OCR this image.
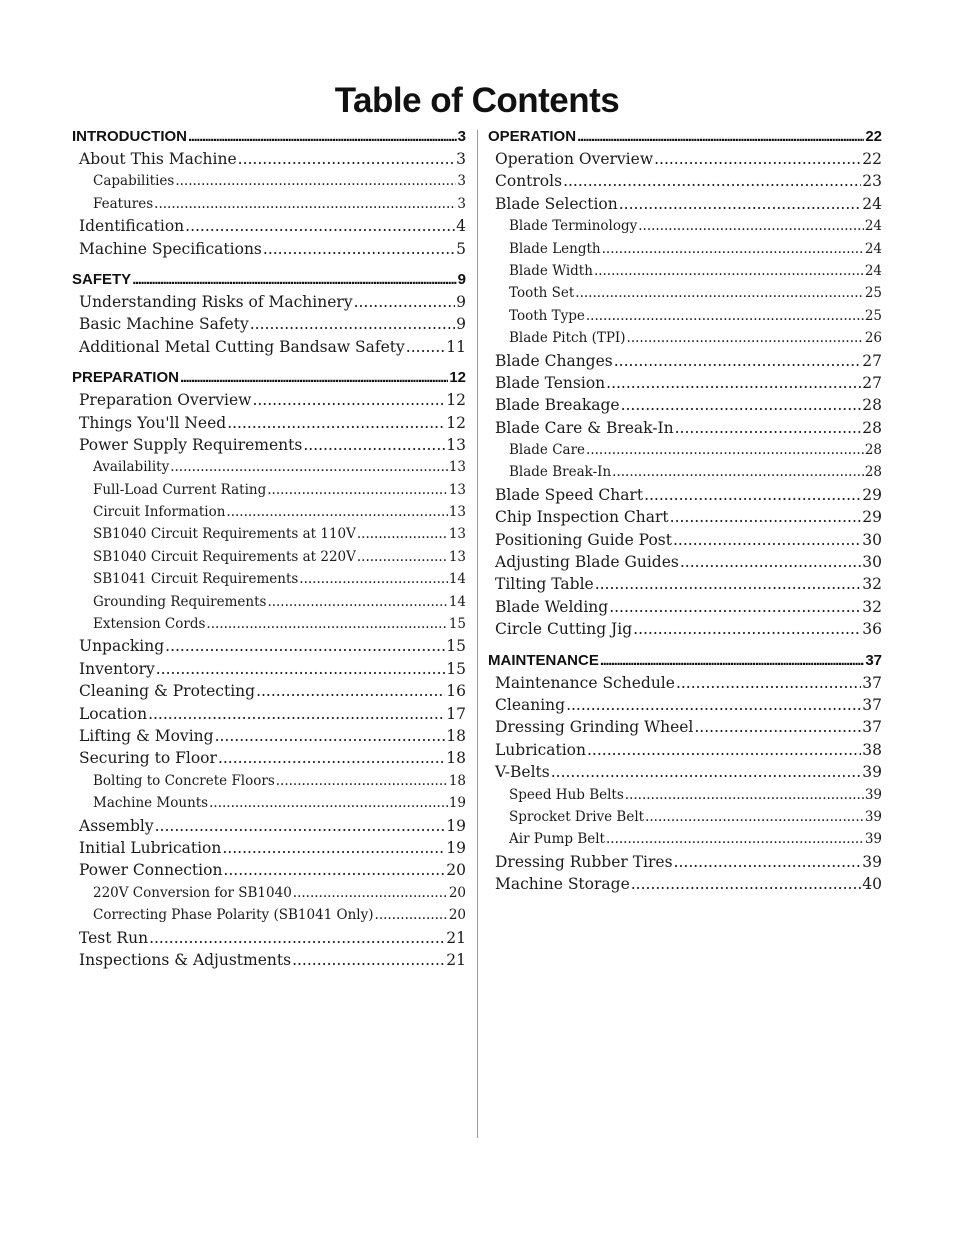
Table of Contents
INTRODUCTION .....	3
About This Machine .....	3
Capabilities .....	3
Features .....	3
Identification .....	4
Machine Specifications .....	5
SAFETY .....	9
Understanding Risks of Machinery .....	9
Basic Machine Safety .....	9
Additional Metal Cutting Bandsaw Safety .....	11
PREPARATION .....	12
Preparation Overview .....	12
Things You'll Need .....	12
Power Supply Requirements .....	13
Availability .....	13
Full-Load Current Rating .....	13
Circuit Information .....	13
SB1040 Circuit Requirements at 110V .....	13
SB1040 Circuit Requirements at 220V .....	13
SB1041 Circuit Requirements .....	14
Grounding Requirements .....	14
Extension Cords .....	15
Unpacking .....	15
Inventory .....	15
Cleaning & Protecting .....	16
Location .....	17
Lifting & Moving .....	18
Securing to Floor .....	18
Bolting to Concrete Floors .....	18
Machine Mounts .....	19
Assembly .....	19
Initial Lubrication .....	19
Power Connection .....	20
220V Conversion for SB1040 .....	20
Correcting Phase Polarity (SB1041 Only) .....	20
Test Run .....	21
Inspections & Adjustments .....	21
OPERATION .....	22
Operation Overview .....	22
Controls .....	23
Blade Selection .....	24
Blade Terminology .....	24
Blade Length .....	24
Blade Width .....	24
Tooth Set .....	25
Tooth Type .....	25
Blade Pitch (TPI) .....	26
Blade Changes .....	27
Blade Tension .....	27
Blade Breakage .....	28
Blade Care & Break-In .....	28
Blade Care .....	28
Blade Break-In .....	28
Blade Speed Chart .....	29
Chip Inspection Chart .....	29
Positioning Guide Post .....	30
Adjusting Blade Guides .....	30
Tilting Table .....	32
Blade Welding .....	32
Circle Cutting Jig .....	36
MAINTENANCE .....	37
Maintenance Schedule .....	37
Cleaning .....	37
Dressing Grinding Wheel .....	37
Lubrication .....	38
V-Belts .....	39
Speed Hub Belts .....	39
Sprocket Drive Belt .....	39
Air Pump Belt .....	39
Dressing Rubber Tires .....	39
Machine Storage .....	40
